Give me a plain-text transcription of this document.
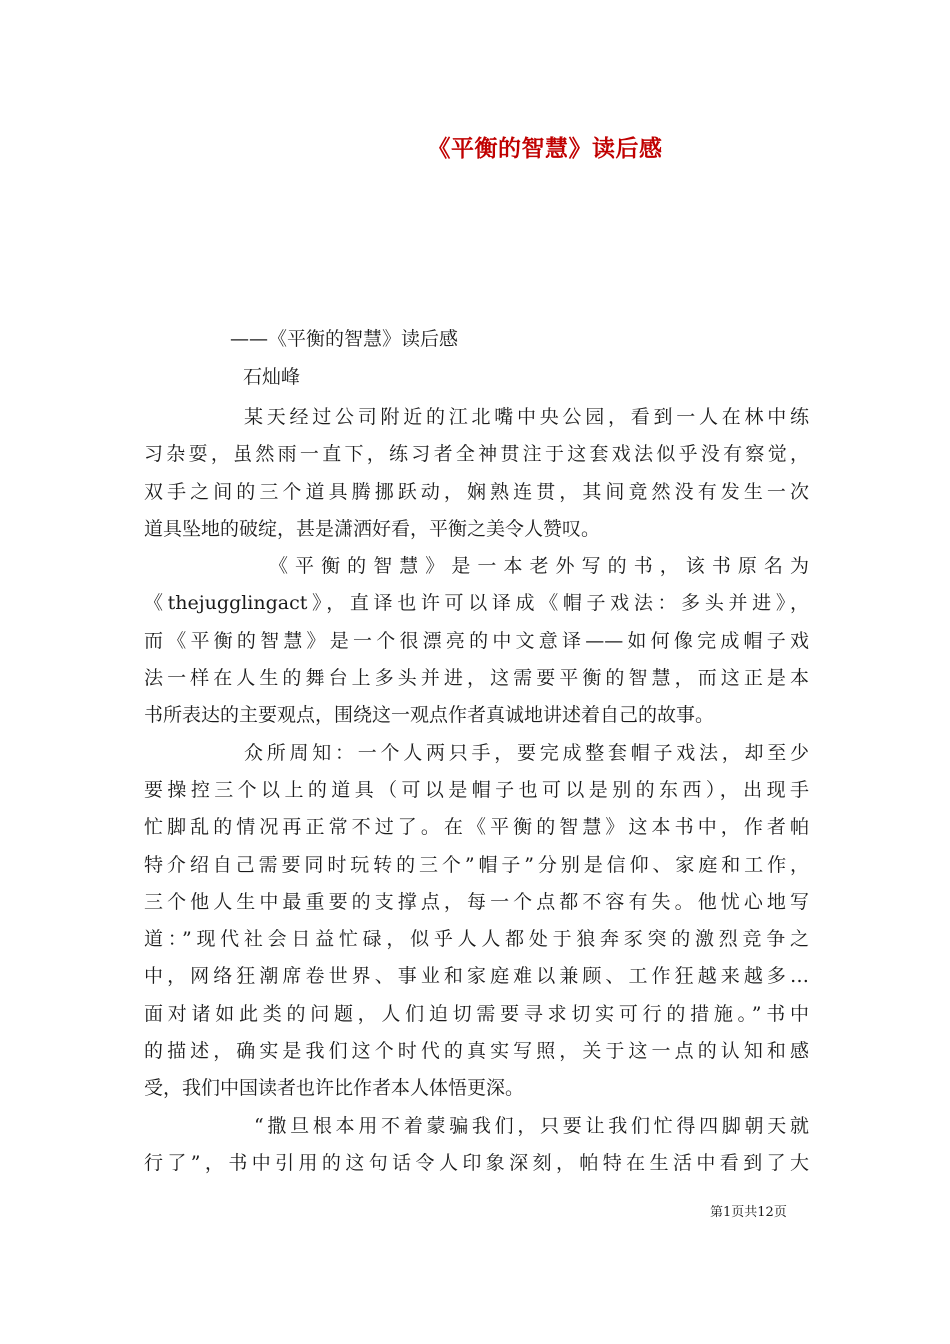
《平衡的智慧》读后感

——《平衡的智慧》读后感

石灿峰

某天经过公司附近的江北嘴中央公园，看到一人在林中练
习杂耍，虽然雨一直下，练习者全神贯注于这套戏法似乎没有察觉，
双手之间的三个道具腾挪跃动，娴熟连贯，其间竟然没有发生一次
道具坠地的破绽，甚是潇洒好看，平衡之美令人赞叹。

《平衡的智慧》是一本老外写的书，该书原名为
《thejugglingact》，直译也许可以译成《帽子戏法：多头并进》，
而《平衡的智慧》是一个很漂亮的中文意译——如何像完成帽子戏
法一样在人生的舞台上多头并进，这需要平衡的智慧，而这正是本
书所表达的主要观点，围绕这一观点作者真诚地讲述着自己的故事。

众所周知：一个人两只手，要完成整套帽子戏法，却至少
要操控三个以上的道具（可以是帽子也可以是别的东西），出现手
忙脚乱的情况再正常不过了。在《平衡的智慧》这本书中，作者帕
特介绍自己需要同时玩转的三个”帽子”分别是信仰、家庭和工作，
三个他人生中最重要的支撑点，每一个点都不容有失。他忧心地写
道：”现代社会日益忙碌，似乎人人都处于狼奔豕突的激烈竞争之
中，网络狂潮席卷世界、事业和家庭难以兼顾、工作狂越来越多…
面对诸如此类的问题，人们迫切需要寻求切实可行的措施。”书中
的描述，确实是我们这个时代的真实写照，关于这一点的认知和感
受，我们中国读者也许比作者本人体悟更深。

“撒旦根本用不着蒙骗我们，只要让我们忙得四脚朝天就
行了”，书中引用的这句话令人印象深刻，帕特在生活中看到了大

第1页共12页
